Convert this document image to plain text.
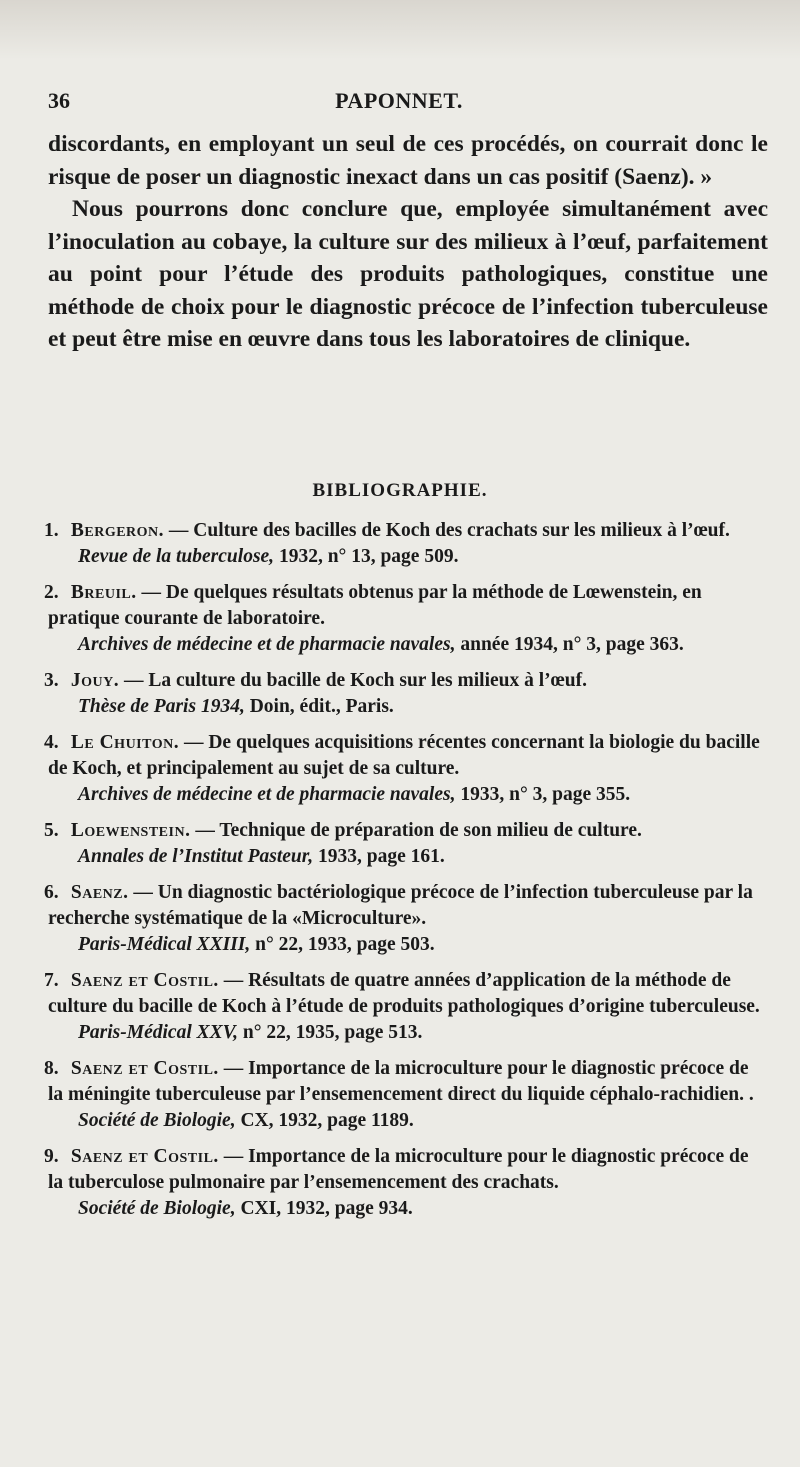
36	PAPONNET.

discordants, en employant un seul de ces procédés, on courrait donc le risque de poser un diagnostic inexact dans un cas positif (Saenz). »

Nous pourrons donc conclure que, employée simultanément avec l’inoculation au cobaye, la culture sur des milieux à l’œuf, parfaitement au point pour l’étude des produits pathologiques, constitue une méthode de choix pour le diagnostic précoce de l’infection tuberculeuse et peut être mise en œuvre dans tous les laboratoires de clinique.

BIBLIOGRAPHIE.
1. Bergeron. — Culture des bacilles de Koch des crachats sur les milieux à l’œuf.
Revue de la tuberculose, 1932, n° 13, page 509.
2. Breuil. — De quelques résultats obtenus par la méthode de Lœwenstein, en pratique courante de laboratoire.
Archives de médecine et de pharmacie navales, année 1934, n° 3, page 363.
3. Jouy. — La culture du bacille de Koch sur les milieux à l’œuf.
Thèse de Paris 1934, Doin, édit., Paris.
4. Le Chuiton. — De quelques acquisitions récentes concernant la biologie du bacille de Koch, et principalement au sujet de sa culture.
Archives de médecine et de pharmacie navales, 1933, n° 3, page 355.
5. Loewenstein. — Technique de préparation de son milieu de culture.
Annales de l’Institut Pasteur, 1933, page 161.
6. Saenz. — Un diagnostic bactériologique précoce de l’infection tuberculeuse par la recherche systématique de la «Microculture».
Paris-Médical XXIII, n° 22, 1933, page 503.
7. Saenz et Costil. — Résultats de quatre années d’application de la méthode de culture du bacille de Koch à l’étude de produits pathologiques d’origine tuberculeuse.
Paris-Médical XXV, n° 22, 1935, page 513.
8. Saenz et Costil. — Importance de la microculture pour le diagnostic précoce de la méningite tuberculeuse par l’ensemencement direct du liquide céphalo-rachidien. .
Société de Biologie, CX, 1932, page 1189.
9. Saenz et Costil. — Importance de la microculture pour le diagnostic précoce de la tuberculose pulmonaire par l’ensemencement des crachats.
Société de Biologie, CXI, 1932, page 934.
